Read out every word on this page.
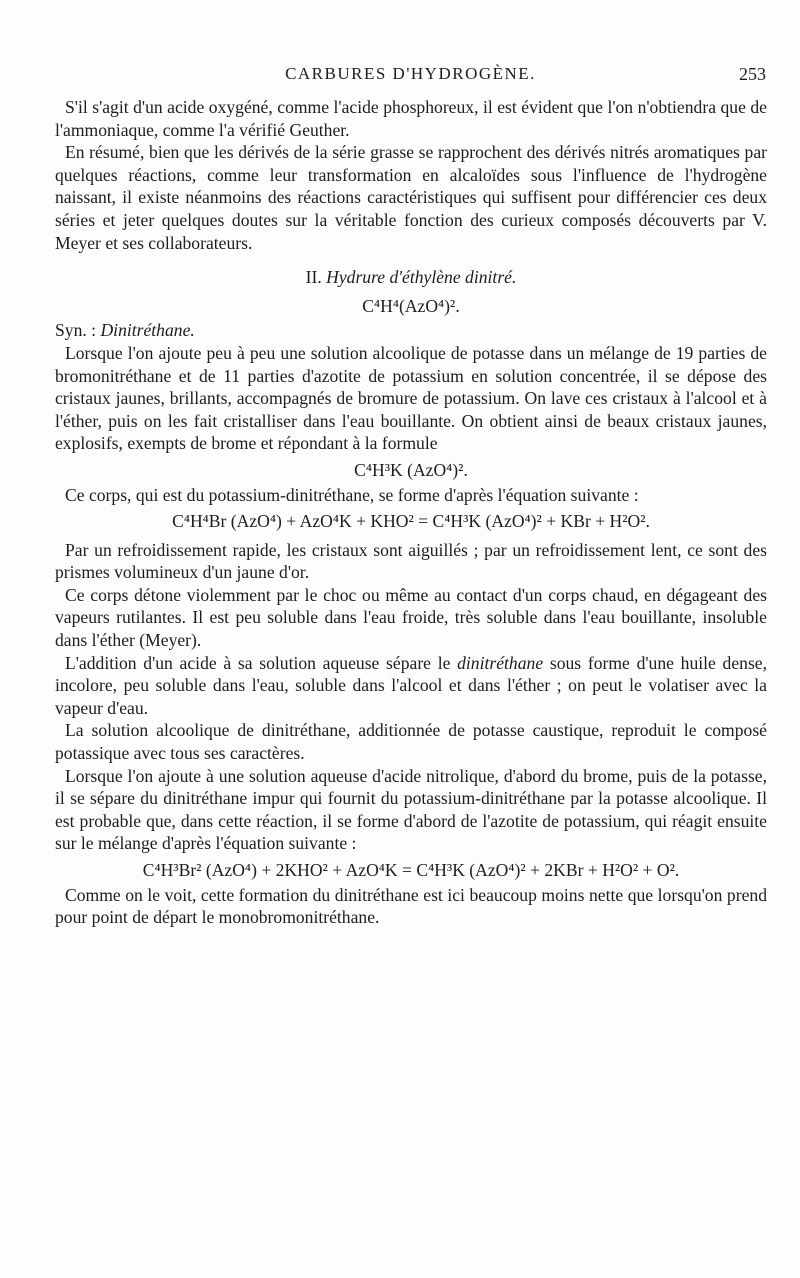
CARBURES D'HYDROGÈNE.	253

S'il s'agit d'un acide oxygéné, comme l'acide phosphoreux, il est évident que l'on n'obtiendra que de l'ammoniaque, comme l'a vérifié Geuther.

En résumé, bien que les dérivés de la série grasse se rapprochent des dérivés nitrés aromatiques par quelques réactions, comme leur transformation en alcaloïdes sous l'influence de l'hydrogène naissant, il existe néanmoins des réactions caractéristiques qui suffisent pour différencier ces deux séries et jeter quelques doutes sur la véritable fonction des curieux composés découverts par V. Meyer et ses collaborateurs.

II. Hydrure d'éthylène dinitré.
C⁴H⁴(AzO⁴)².

Syn. : Dinitréthane.

Lorsque l'on ajoute peu à peu une solution alcoolique de potasse dans un mélange de 19 parties de bromonitréthane et de 11 parties d'azotite de potassium en solution concentrée, il se dépose des cristaux jaunes, brillants, accompagnés de bromure de potassium. On lave ces cristaux à l'alcool et à l'éther, puis on les fait cristalliser dans l'eau bouillante. On obtient ainsi de beaux cristaux jaunes, explosifs, exempts de brome et répondant à la formule

C⁴H³K (AzO⁴)².

Ce corps, qui est du potassium-dinitréthane, se forme d'après l'équation suivante :

C⁴H⁴Br (AzO⁴) + AzO⁴K + KHO² = C⁴H³K (AzO⁴)² + KBr + H²O².

Par un refroidissement rapide, les cristaux sont aiguillés ; par un refroidissement lent, ce sont des prismes volumineux d'un jaune d'or.

Ce corps détone violemment par le choc ou même au contact d'un corps chaud, en dégageant des vapeurs rutilantes. Il est peu soluble dans l'eau froide, très soluble dans l'eau bouillante, insoluble dans l'éther (Meyer).

L'addition d'un acide à sa solution aqueuse sépare le dinitréthane sous forme d'une huile dense, incolore, peu soluble dans l'eau, soluble dans l'alcool et dans l'éther ; on peut le volatiser avec la vapeur d'eau.

La solution alcoolique de dinitréthane, additionnée de potasse caustique, reproduit le composé potassique avec tous ses caractères.

Lorsque l'on ajoute à une solution aqueuse d'acide nitrolique, d'abord du brome, puis de la potasse, il se sépare du dinitréthane impur qui fournit du potassium-dinitréthane par la potasse alcoolique. Il est probable que, dans cette réaction, il se forme d'abord de l'azotite de potassium, qui réagit ensuite sur le mélange d'après l'équation suivante :

C⁴H³Br² (AzO⁴) + 2KHO² + AzO⁴K = C⁴H³K (AzO⁴)² + 2KBr + H²O² + O².

Comme on le voit, cette formation du dinitréthane est ici beaucoup moins nette que lorsqu'on prend pour point de départ le monobromonitréthane.
